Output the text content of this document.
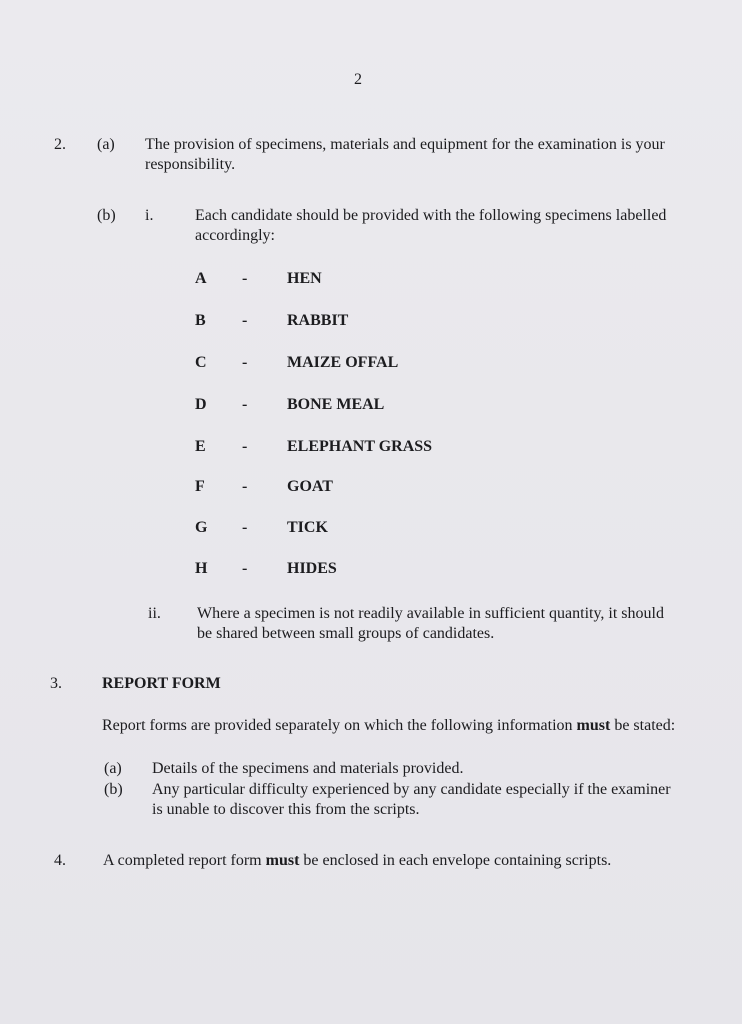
2
2. (a) The provision of specimens, materials and equipment for the examination is your responsibility.
(b) i.	Each candidate should be provided with the following specimens labelled accordingly:
A - HEN
B - RABBIT
C - MAIZE OFFAL
D - BONE MEAL
E - ELEPHANT GRASS
F - GOAT
G - TICK
H - HIDES
ii. Where a specimen is not readily available in sufficient quantity, it should be shared between small groups of candidates.
3.	REPORT FORM
Report forms are provided separately on which the following information must be stated:
(a) Details of the specimens and materials provided.
(b) Any particular difficulty experienced by any candidate especially if the examiner is unable to discover this from the scripts.
4. A completed report form must be enclosed in each envelope containing scripts.
